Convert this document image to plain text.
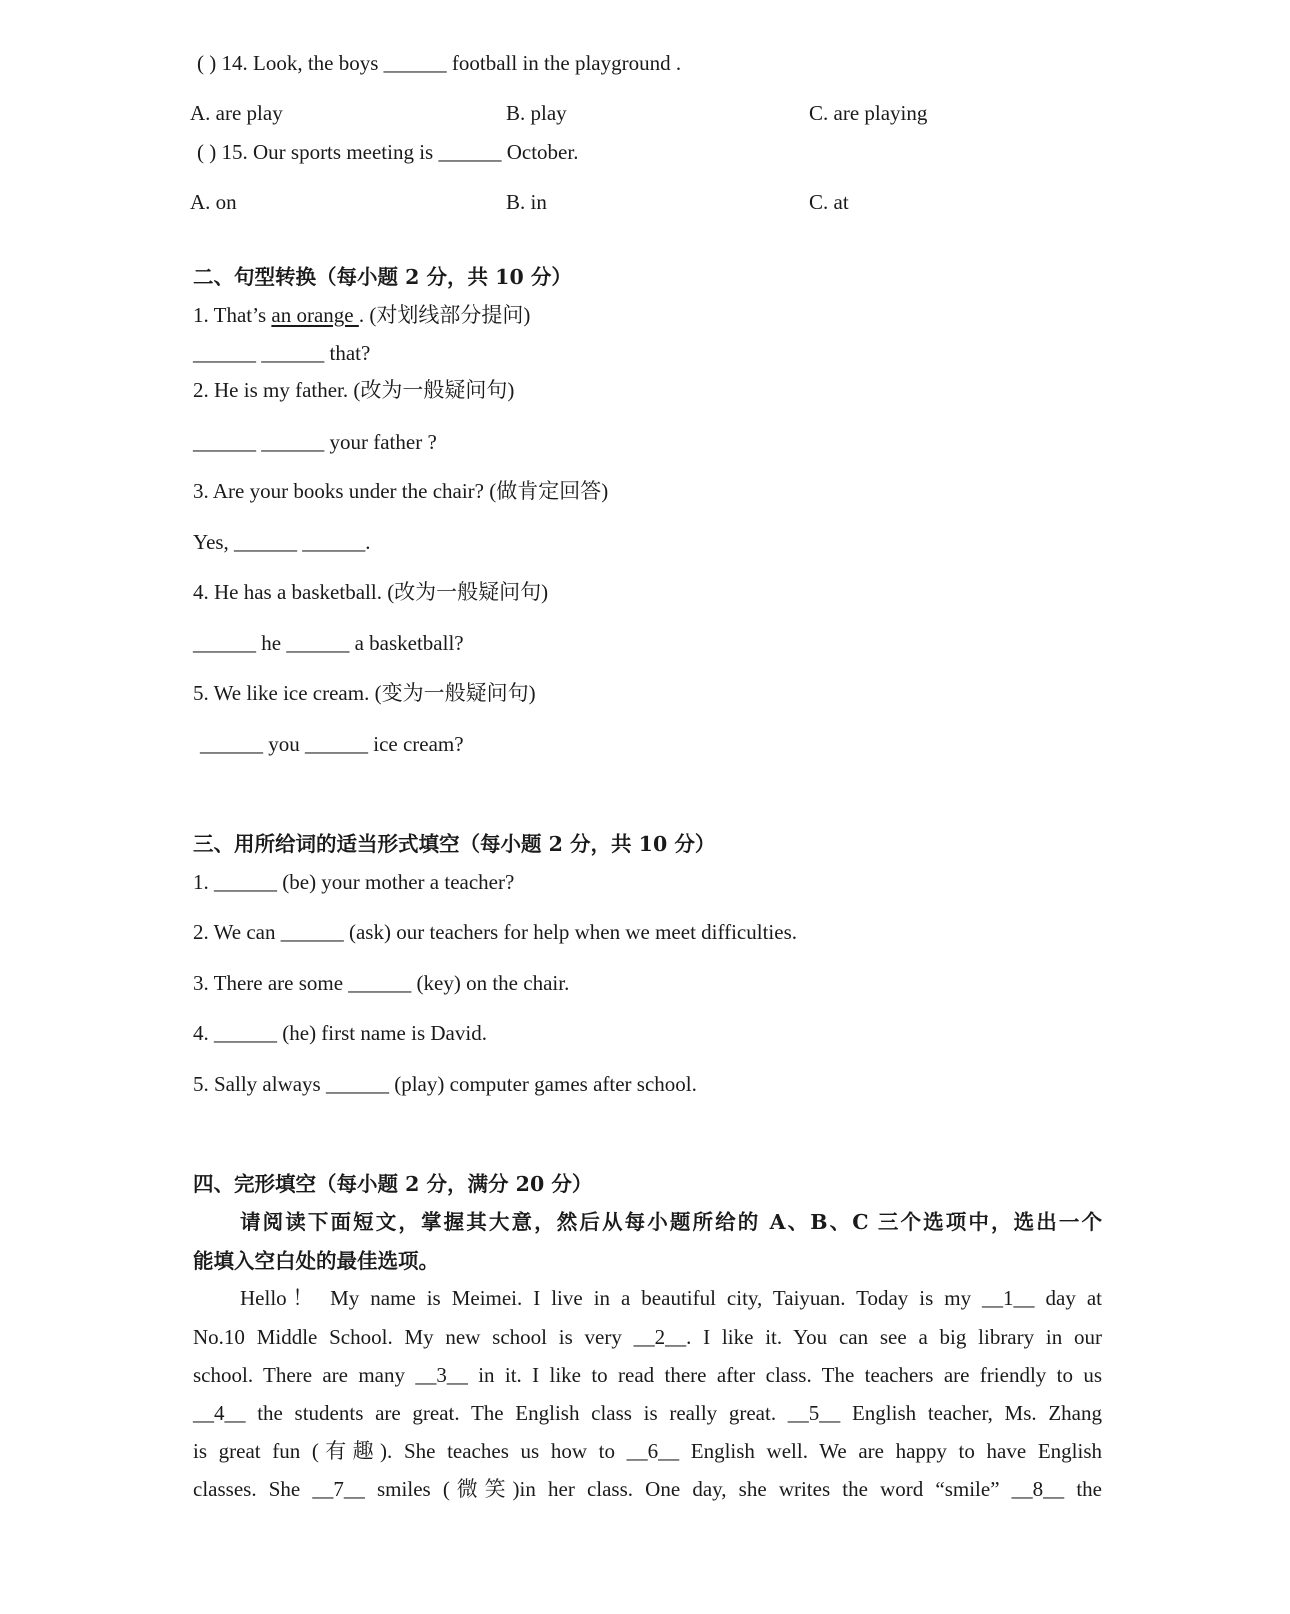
( ) 14. Look, the boys ______ football in the playground .
A. are play	B. play	C. are playing
( ) 15. Our sports meeting is ______ October.
A. on	B. in	C. at
二、句型转换（每小题 2 分，共 10 分）
1. That’s an orange . (对划线部分提问)
______ ______ that?
2. He is my father. (改为一般疑问句)
______ ______ your father ?
3. Are your books under the chair? (做肯定回答)
Yes, ______ ______.
4. He has a basketball. (改为一般疑问句)
______ he ______ a basketball?
5. We like ice cream. (变为一般疑问句)
______ you ______ ice cream?
三、用所给词的适当形式填空（每小题 2 分，共 10 分）
1. ______ (be) your mother a teacher?
2. We can ______ (ask) our teachers for help when we meet difficulties.
3. There are some ______ (key) on the chair.
4. ______ (he) first name is David.
5. Sally always ______ (play) computer games after school.
四、完形填空（每小题 2 分，满分 20 分）
请阅读下面短文，掌握其大意，然后从每小题所给的 A、B、C 三个选项中，选出一个
能填入空白处的最佳选项。
Hello！ My name is Meimei. I live in a beautiful city, Taiyuan. Today is my __1__ day at
No.10 Middle School. My new school is very __2__. I like it. You can see a big library in our
school. There are many __3__ in it. I like to read there after class. The teachers are friendly to us
__4__ the students are great. The English class is really great. __5__ English teacher, Ms. Zhang
is great fun (有趣). She teaches us how to __6__ English well. We are happy to have English
classes. She __7__ smiles (微笑)in her class. One day, she writes the word “smile” __8__ the
